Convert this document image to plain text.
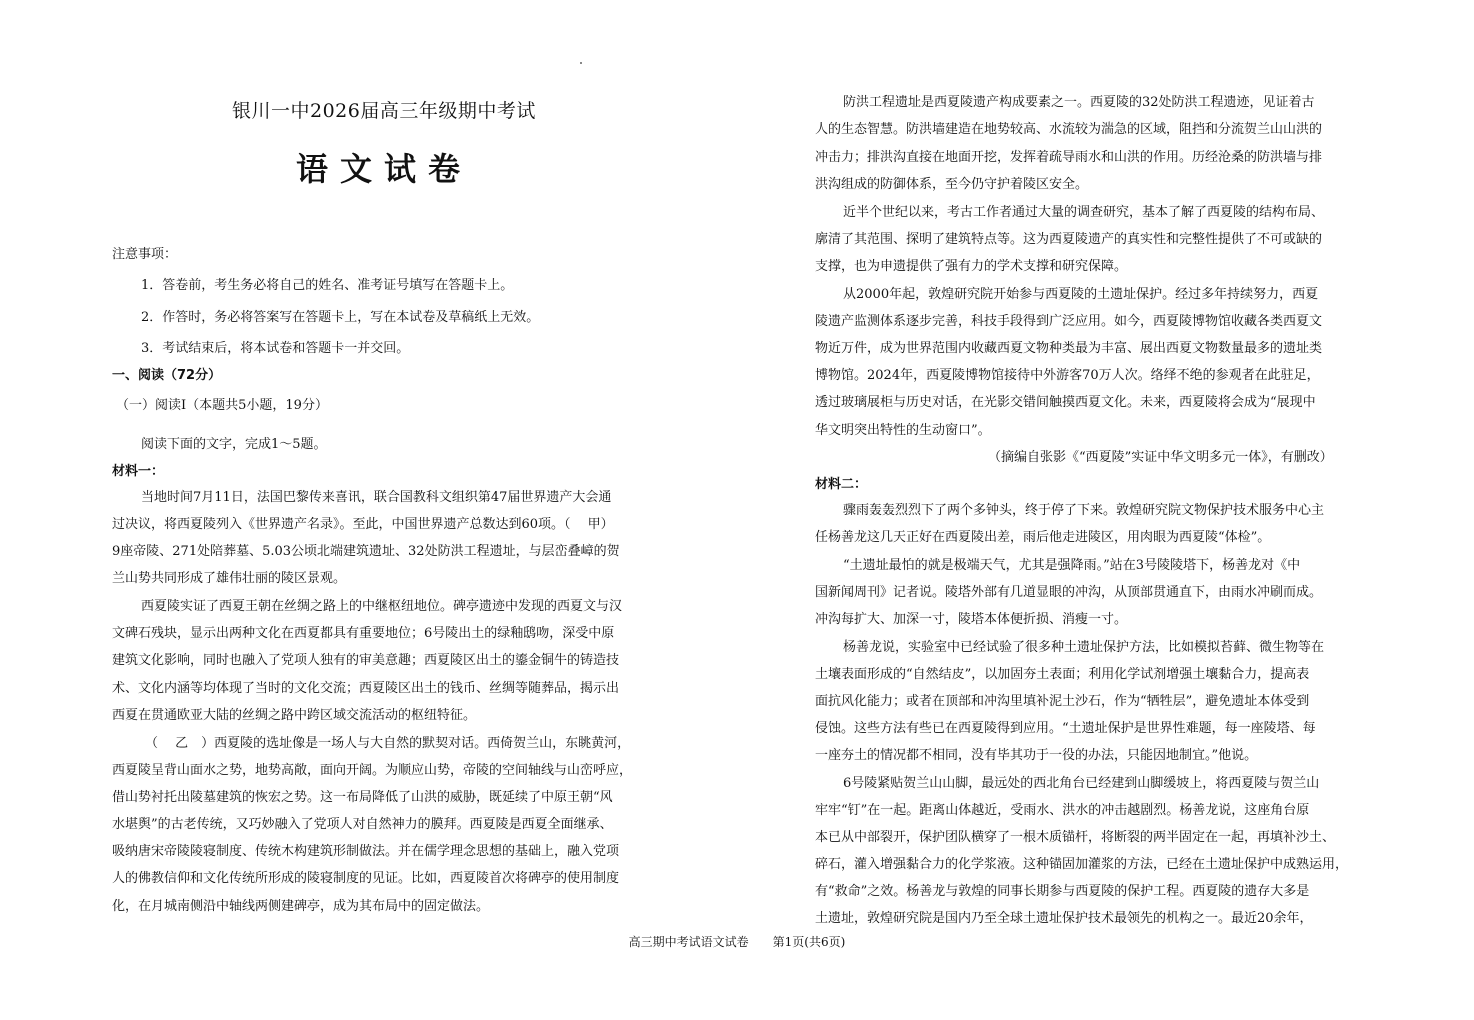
银川一中2026届高三年级期中考试
语文试卷
注意事项：
1．答卷前，考生务必将自己的姓名、准考证号填写在答题卡上。
2．作答时，务必将答案写在答题卡上，写在本试卷及草稿纸上无效。
3．考试结束后，将本试卷和答题卡一并交回。
一、阅读（72分）
（一）阅读Ⅰ（本题共5小题，19分）
阅读下面的文字，完成1～5题。
材料一：
当地时间7月11日，法国巴黎传来喜讯，联合国教科文组织第47届世界遗产大会通
过决议，将西夏陵列入《世界遗产名录》。至此，中国世界遗产总数达到60项。（　 甲）
9座帝陵、271处陪葬墓、5.03公顷北端建筑遗址、32处防洪工程遗址，与层峦叠嶂的贺
兰山势共同形成了雄伟壮丽的陵区景观。
西夏陵实证了西夏王朝在丝绸之路上的中继枢纽地位。碑亭遗迹中发现的西夏文与汉
文碑石残块，显示出两种文化在西夏都具有重要地位；6号陵出土的绿釉鸱吻，深受中原
建筑文化影响，同时也融入了党项人独有的审美意趣；西夏陵区出土的鎏金铜牛的铸造技
术、文化内涵等均体现了当时的文化交流；西夏陵区出土的钱币、丝绸等随葬品，揭示出
西夏在贯通欧亚大陆的丝绸之路中跨区域交流活动的枢纽特征。
（　 乙　）西夏陵的选址像是一场人与大自然的默契对话。西倚贺兰山，东眺黄河，
西夏陵呈背山面水之势，地势高敞，面向开阔。为顺应山势，帝陵的空间轴线与山峦呼应，
借山势衬托出陵墓建筑的恢宏之势。这一布局降低了山洪的威胁，既延续了中原王朝“风
水堪舆”的古老传统，又巧妙融入了党项人对自然神力的膜拜。西夏陵是西夏全面继承、
吸纳唐宋帝陵陵寝制度、传统木构建筑形制做法。并在儒学理念思想的基础上，融入党项
人的佛教信仰和文化传统所形成的陵寝制度的见证。比如，西夏陵首次将碑亭的使用制度
化，在月城南侧沿中轴线两侧建碑亭，成为其布局中的固定做法。
防洪工程遗址是西夏陵遗产构成要素之一。西夏陵的32处防洪工程遗迹，见证着古
人的生态智慧。防洪墙建造在地势较高、水流较为湍急的区域，阻挡和分流贺兰山山洪的
冲击力；排洪沟直接在地面开挖，发挥着疏导雨水和山洪的作用。历经沧桑的防洪墙与排
洪沟组成的防御体系，至今仍守护着陵区安全。
近半个世纪以来，考古工作者通过大量的调查研究，基本了解了西夏陵的结构布局、
廓清了其范围、探明了建筑特点等。这为西夏陵遗产的真实性和完整性提供了不可或缺的
支撑，也为申遗提供了强有力的学术支撑和研究保障。
从2000年起，敦煌研究院开始参与西夏陵的土遗址保护。经过多年持续努力，西夏
陵遗产监测体系逐步完善，科技手段得到广泛应用。如今，西夏陵博物馆收藏各类西夏文
物近万件，成为世界范围内收藏西夏文物种类最为丰富、展出西夏文物数量最多的遗址类
博物馆。2024年，西夏陵博物馆接待中外游客70万人次。络绎不绝的参观者在此驻足，
透过玻璃展柜与历史对话，在光影交错间触摸西夏文化。未来，西夏陵将会成为“展现中
华文明突出特性的生动窗口”。
（摘编自张影《“西夏陵”实证中华文明多元一体》，有删改）
材料二：
骤雨轰轰烈烈下了两个多钟头，终于停了下来。敦煌研究院文物保护技术服务中心主
任杨善龙这几天正好在西夏陵出差，雨后他走进陵区，用肉眼为西夏陵“体检”。
“土遗址最怕的就是极端天气，尤其是强降雨。”站在3号陵陵塔下，杨善龙对《中
国新闻周刊》记者说。陵塔外部有几道显眼的冲沟，从顶部贯通直下，由雨水冲刷而成。
冲沟每扩大、加深一寸，陵塔本体便折损、消瘦一寸。
杨善龙说，实验室中已经试验了很多种土遗址保护方法，比如模拟苔藓、微生物等在
土壤表面形成的“自然结皮”，以加固夯土表面；利用化学试剂增强土壤黏合力，提高表
面抗风化能力；或者在顶部和冲沟里填补泥土沙石，作为“牺牲层”，避免遗址本体受到
侵蚀。这些方法有些已在西夏陵得到应用。“土遗址保护是世界性难题，每一座陵塔、每
一座夯土的情况都不相同，没有毕其功于一役的办法，只能因地制宜。”他说。
6号陵紧贴贺兰山山脚，最远处的西北角台已经建到山脚缓坡上，将西夏陵与贺兰山
牢牢“钉”在一起。距离山体越近，受雨水、洪水的冲击越剧烈。杨善龙说，这座角台原
本已从中部裂开，保护团队横穿了一根木质锚杆，将断裂的两半固定在一起，再填补沙土、
碎石，灌入增强黏合力的化学浆液。这种锚固加灌浆的方法，已经在土遗址保护中成熟运用，
有“救命”之效。杨善龙与敦煌的同事长期参与西夏陵的保护工程。西夏陵的遗存大多是
土遗址，敦煌研究院是国内乃至全球土遗址保护技术最领先的机构之一。最近20余年，
高三期中考试语文试卷　　第1页(共6页)
